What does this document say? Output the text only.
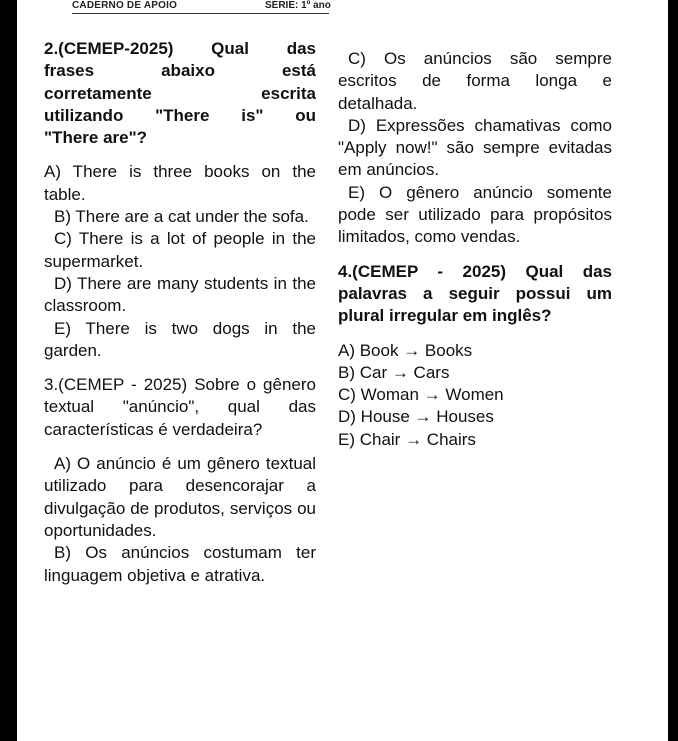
CADERNO DE APOIO	SÉRIE: 1º ano

2.(CEMEP-2025) Qual das

frases abaixo está

corretamente escrita

utilizando "There is" ou

"There are"?

A) There is three books on the table.

B) There are a cat under the sofa.

C) There is a lot of people in the supermarket.

D) There are many students in the classroom.

E) There is two dogs in the garden.

3.(CEMEP - 2025) Sobre o gênero textual "anúncio", qual das características é verdadeira?

A) O anúncio é um gênero textual utilizado para desencorajar a divulgação de produtos, serviços ou oportunidades.

B) Os anúncios costumam ter linguagem objetiva e atrativa.

C) Os anúncios são sempre escritos de forma longa e detalhada.

D) Expressões chamativas como "Apply now!" são sempre evitadas em anúncios.

E) O gênero anúncio somente pode ser utilizado para propósitos limitados, como vendas.

4.(CEMEP - 2025) Qual das palavras a seguir possui um plural irregular em inglês?

A) Book → Books

B) Car → Cars

C) Woman → Women

D) House → Houses

E) Chair → Chairs
